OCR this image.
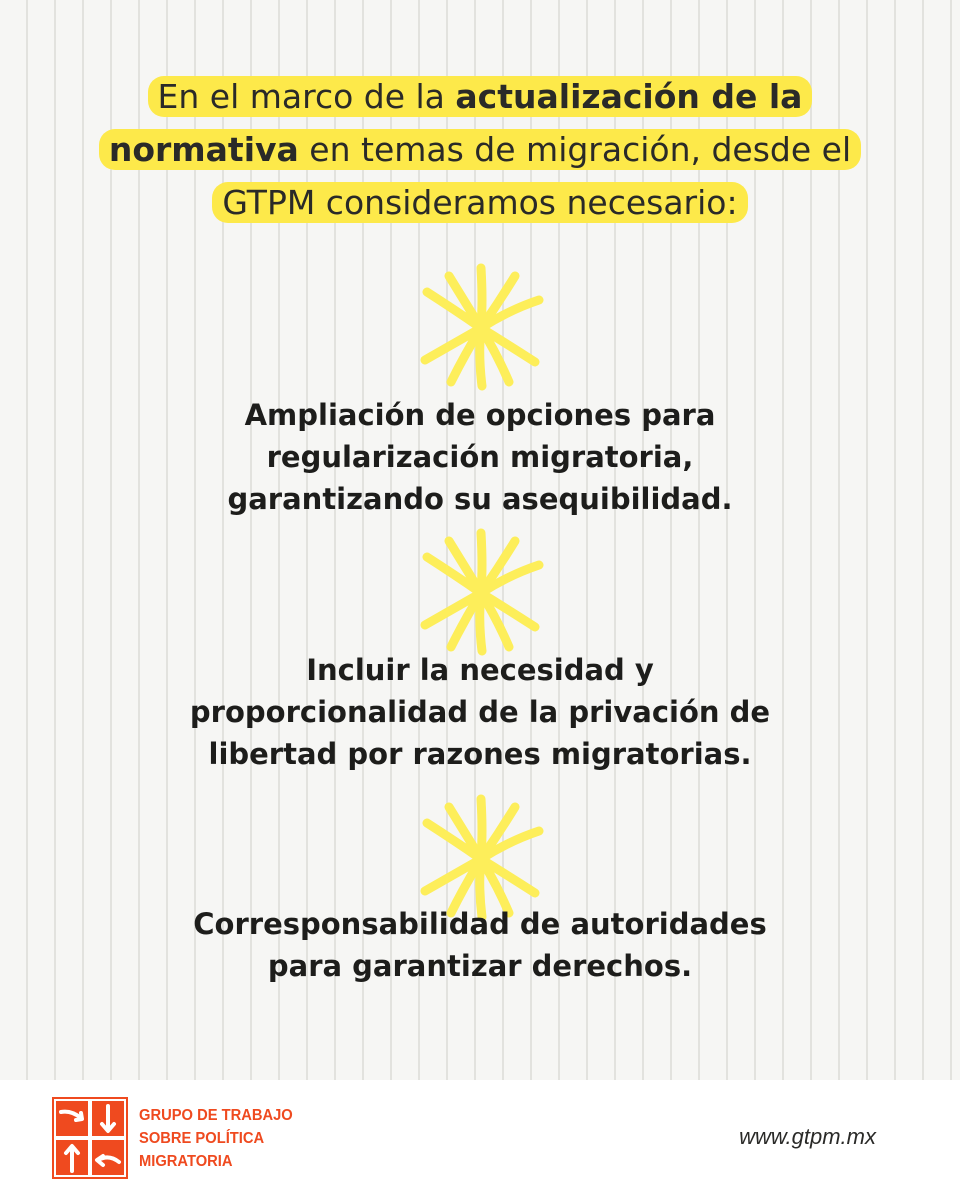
En el marco de la actualización de la
normativa en temas de migración, desde el
GTPM consideramos necesario:
Ampliación de opciones para
regularización migratoria,
garantizando su asequibilidad.
Incluir la necesidad y
proporcionalidad de la privación de
libertad por razones migratorias.
Corresponsabilidad de autoridades
para garantizar derechos.
GRUPO DE TRABAJO
SOBRE POLÍTICA
MIGRATORIA
www.gtpm.mx
